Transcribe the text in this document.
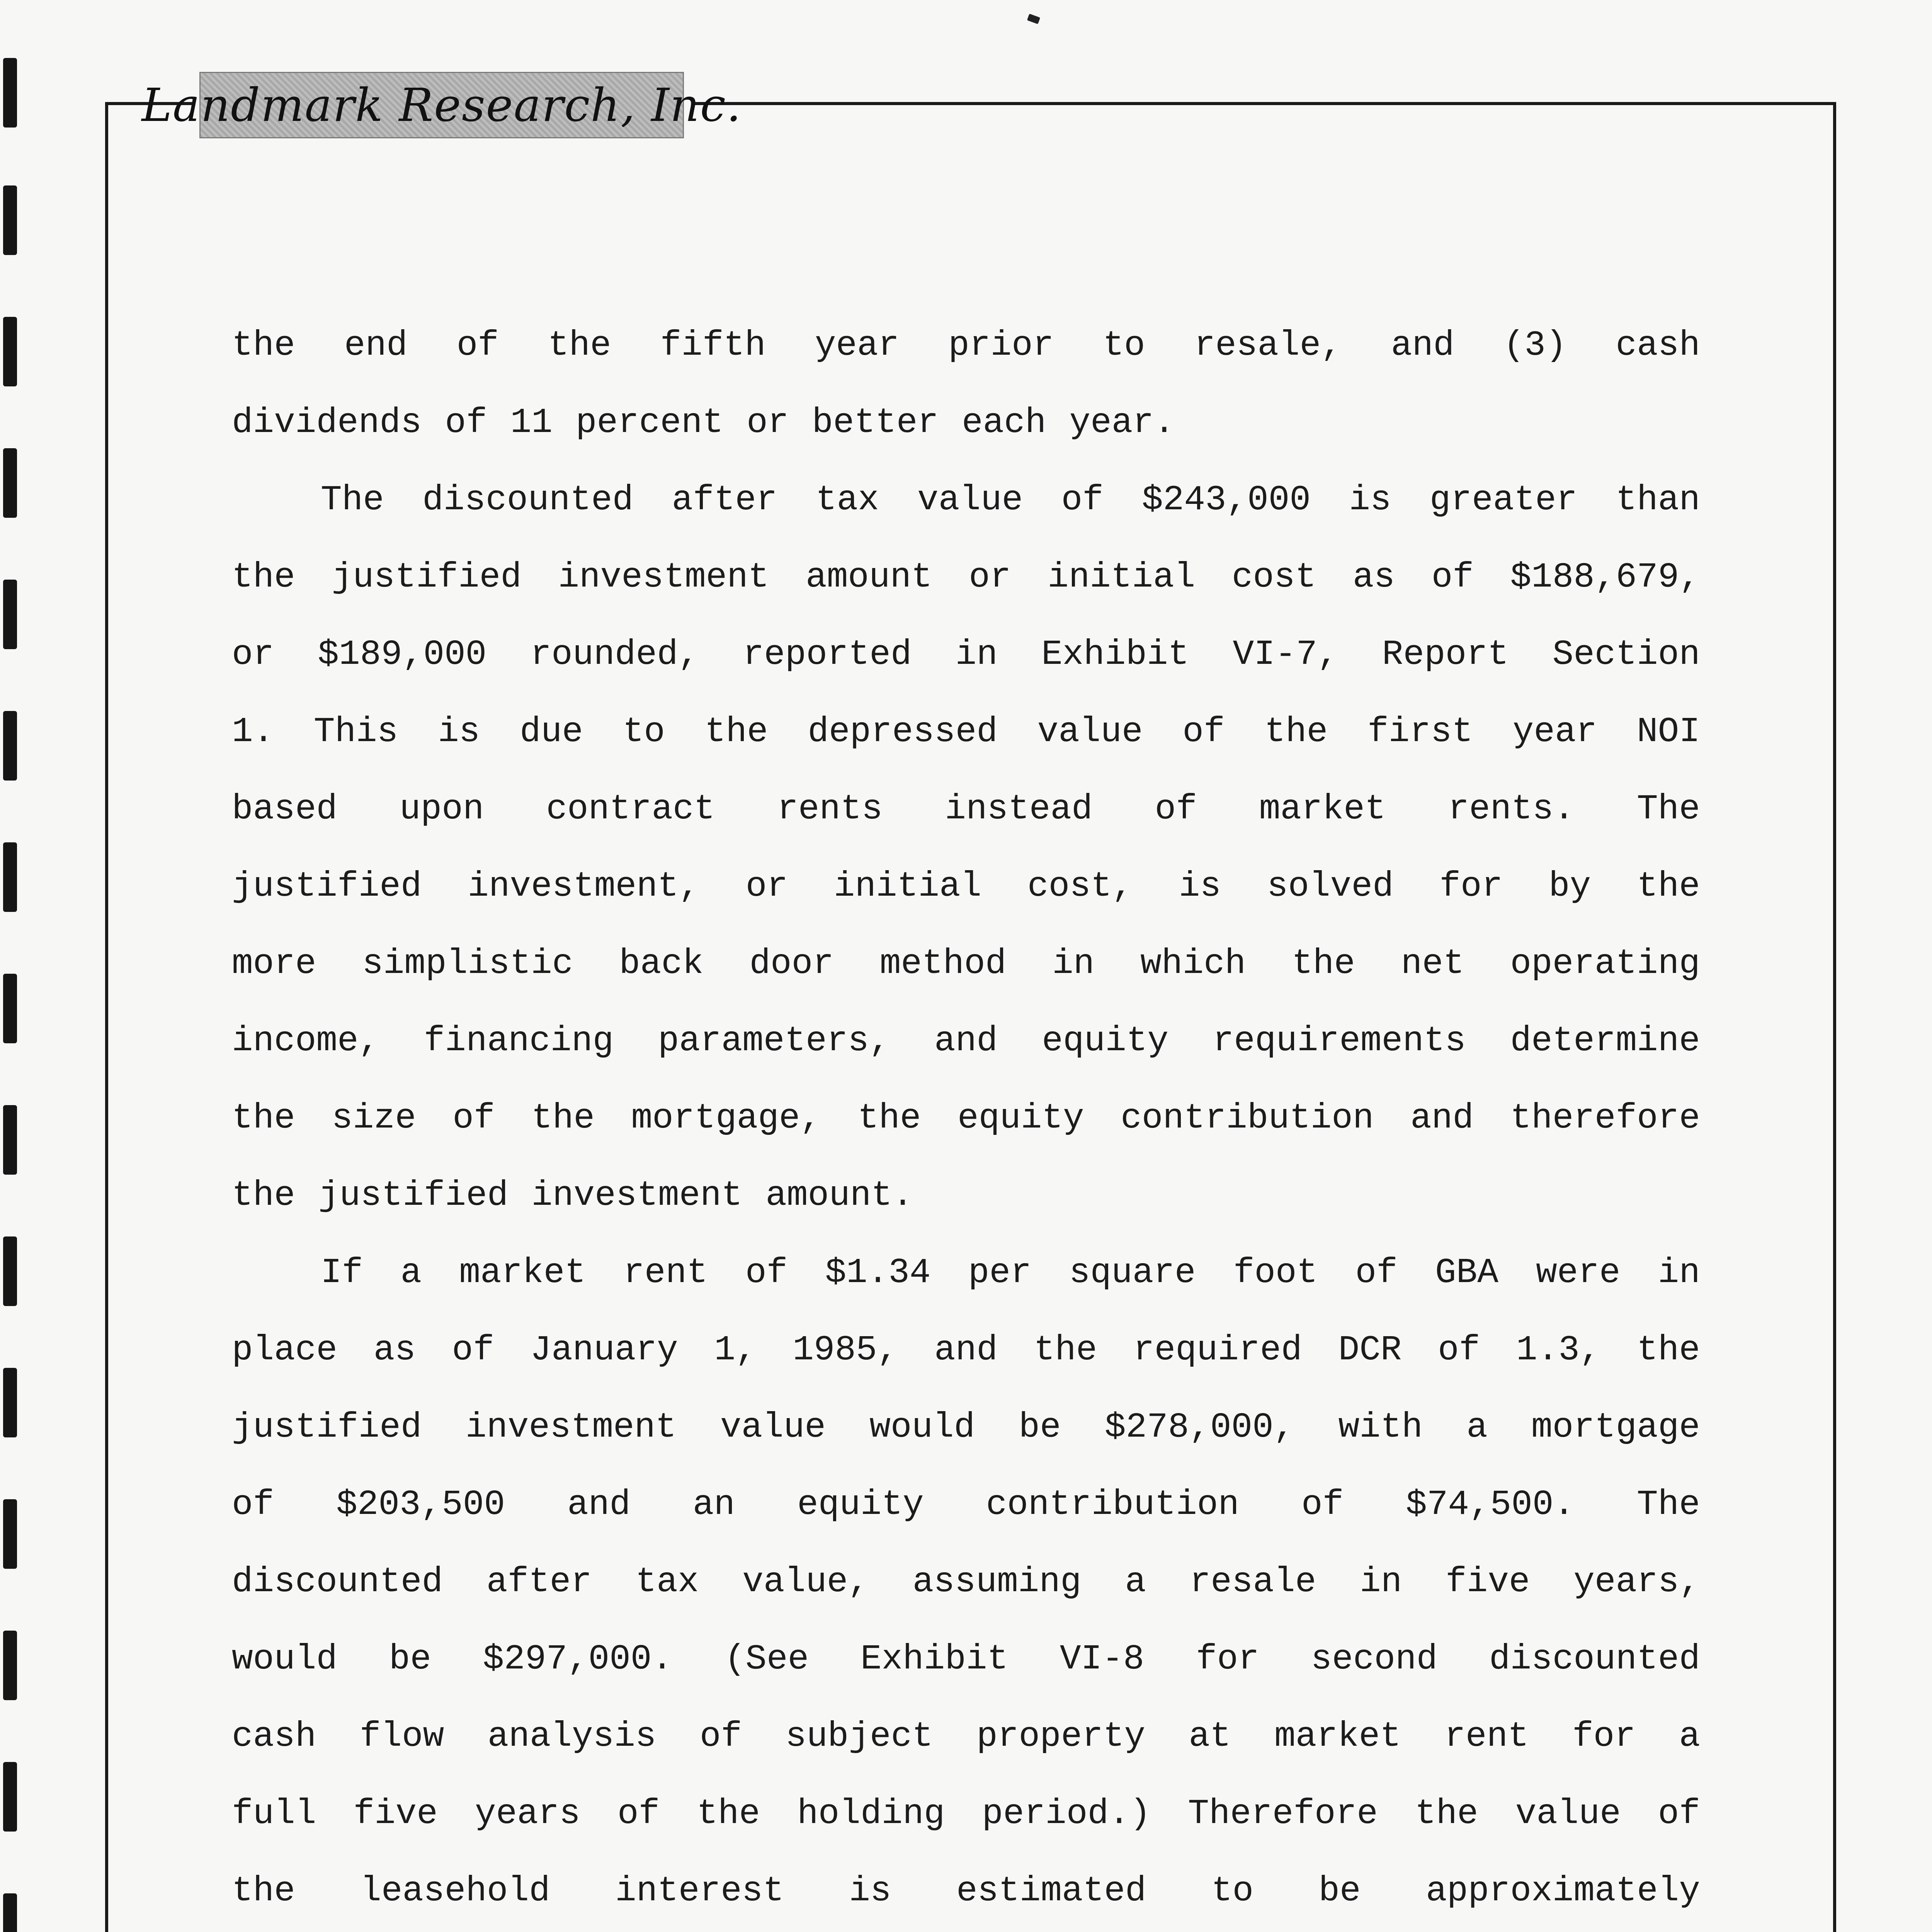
Landmark Research, Inc.
the end of the fifth year prior to resale, and (3) cash
dividends of 11 percent or better each year.
The discounted after tax value of $243,000 is greater than
the justified investment amount or initial cost as of $188,679,
or $189,000 rounded, reported in Exhibit VI-7, Report Section
1. This is due to the depressed value of the first year NOI
based upon contract rents instead of market rents. The
justified investment, or initial cost, is solved for by the
more simplistic back door method in which the net operating
income, financing parameters, and equity requirements determine
the size of the mortgage, the equity contribution and therefore
the justified investment amount.
If a market rent of $1.34 per square foot of GBA were in
place as of January 1, 1985, and the required DCR of 1.3, the
justified investment value would be $278,000, with a mortgage
of $203,500 and an equity contribution of $74,500. The
discounted after tax value, assuming a resale in five years,
would be $297,000. (See Exhibit VI-8 for second discounted
cash flow analysis of subject property at market rent for a
full five years of the holding period.) Therefore the value of
the leasehold interest is estimated to be approximately
